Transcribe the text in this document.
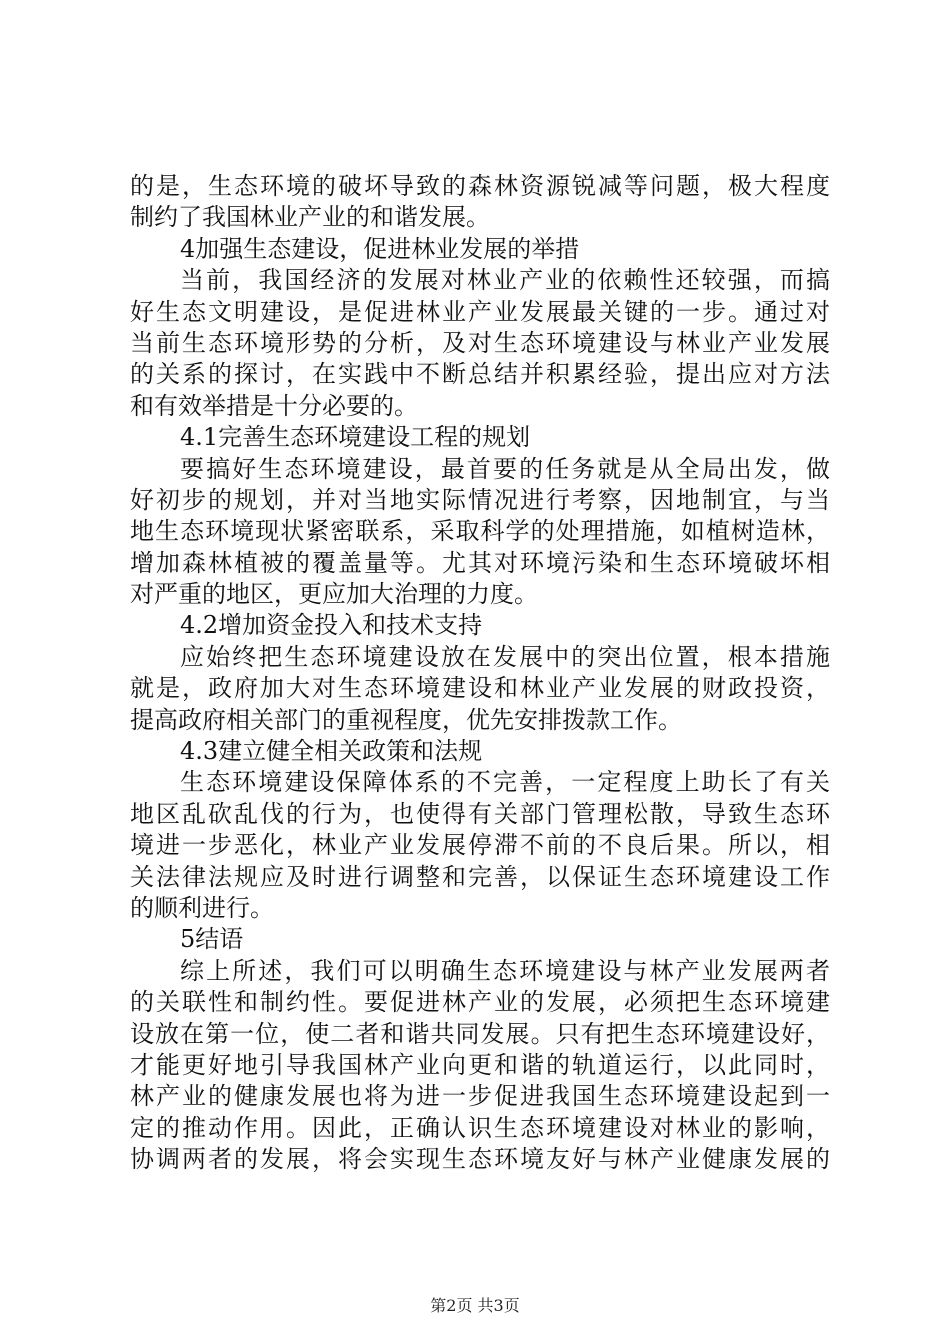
的是，生态环境的破坏导致的森林资源锐减等问题，极大程度
制约了我国林业产业的和谐发展。
4加强生态建设，促进林业发展的举措
当前，我国经济的发展对林业产业的依赖性还较强，而搞
好生态文明建设，是促进林业产业发展最关键的一步。通过对
当前生态环境形势的分析，及对生态环境建设与林业产业发展
的关系的探讨，在实践中不断总结并积累经验，提出应对方法
和有效举措是十分必要的。
4.1完善生态环境建设工程的规划
要搞好生态环境建设，最首要的任务就是从全局出发，做
好初步的规划，并对当地实际情况进行考察，因地制宜，与当
地生态环境现状紧密联系，采取科学的处理措施，如植树造林，
增加森林植被的覆盖量等。尤其对环境污染和生态环境破坏相
对严重的地区，更应加大治理的力度。
4.2增加资金投入和技术支持
应始终把生态环境建设放在发展中的突出位置，根本措施
就是，政府加大对生态环境建设和林业产业发展的财政投资，
提高政府相关部门的重视程度，优先安排拨款工作。
4.3建立健全相关政策和法规
生态环境建设保障体系的不完善，一定程度上助长了有关
地区乱砍乱伐的行为，也使得有关部门管理松散，导致生态环
境进一步恶化，林业产业发展停滞不前的不良后果。所以，相
关法律法规应及时进行调整和完善，以保证生态环境建设工作
的顺利进行。
5结语
综上所述，我们可以明确生态环境建设与林产业发展两者
的关联性和制约性。要促进林产业的发展，必须把生态环境建
设放在第一位，使二者和谐共同发展。只有把生态环境建设好，
才能更好地引导我国林产业向更和谐的轨道运行，以此同时，
林产业的健康发展也将为进一步促进我国生态环境建设起到一
定的推动作用。因此，正确认识生态环境建设对林业的影响，
协调两者的发展，将会实现生态环境友好与林产业健康发展的
第2页 共3页
